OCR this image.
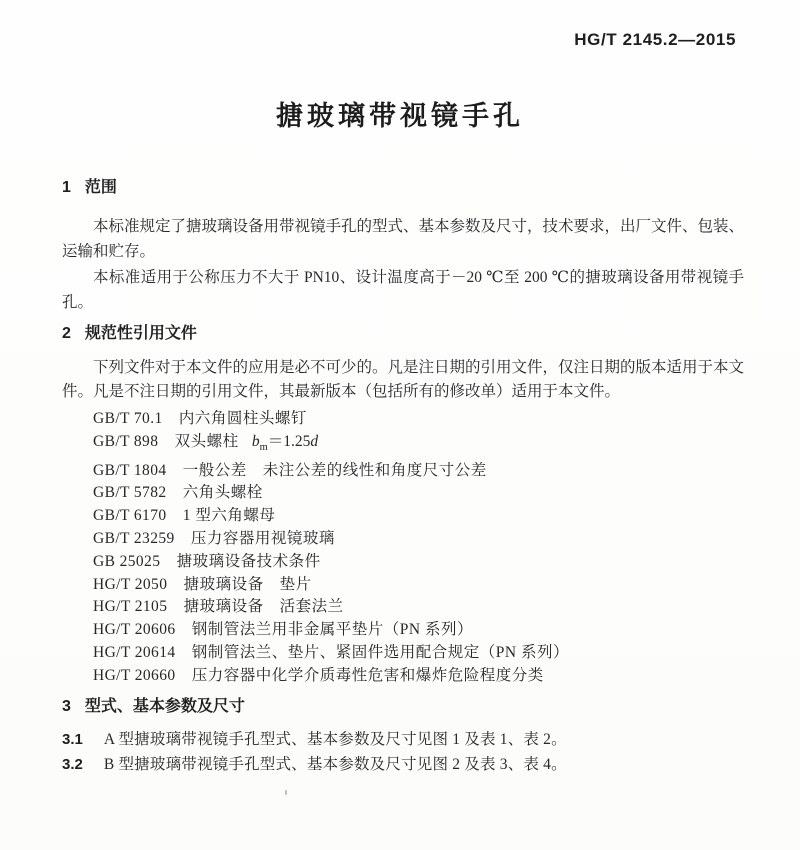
HG/T 2145.2—2015
搪玻璃带视镜手孔
1 范围

本标准规定了搪玻璃设备用带视镜手孔的型式、基本参数及尺寸，技术要求，出厂文件、包装、运输和贮存。

本标准适用于公称压力不大于 PN10、设计温度高于－20 ℃至 200 ℃的搪玻璃设备用带视镜手孔。

2 规范性引用文件

下列文件对于本文件的应用是必不可少的。凡是注日期的引用文件，仅注日期的版本适用于本文件。凡是不注日期的引用文件，其最新版本（包括所有的修改单）适用于本文件。

GB/T 70.1 内六角圆柱头螺钉
GB/T 898 双头螺柱 $b_m=1.25d$
GB/T 1804 一般公差　未注公差的线性和角度尺寸公差
GB/T 5782 六角头螺栓
GB/T 6170 1 型六角螺母
GB/T 23259 压力容器用视镜玻璃
GB 25025 搪玻璃设备技术条件
HG/T 2050 搪玻璃设备　垫片
HG/T 2105 搪玻璃设备　活套法兰
HG/T 20606 钢制管法兰用非金属平垫片（PN 系列）
HG/T 20614 钢制管法兰、垫片、紧固件选用配合规定（PN 系列）
HG/T 20660 压力容器中化学介质毒性危害和爆炸危险程度分类
3 型式、基本参数及尺寸
3.1 A 型搪玻璃带视镜手孔型式、基本参数及尺寸见图 1 及表 1、表 2。
3.2 B 型搪玻璃带视镜手孔型式、基本参数及尺寸见图 2 及表 3、表 4。
